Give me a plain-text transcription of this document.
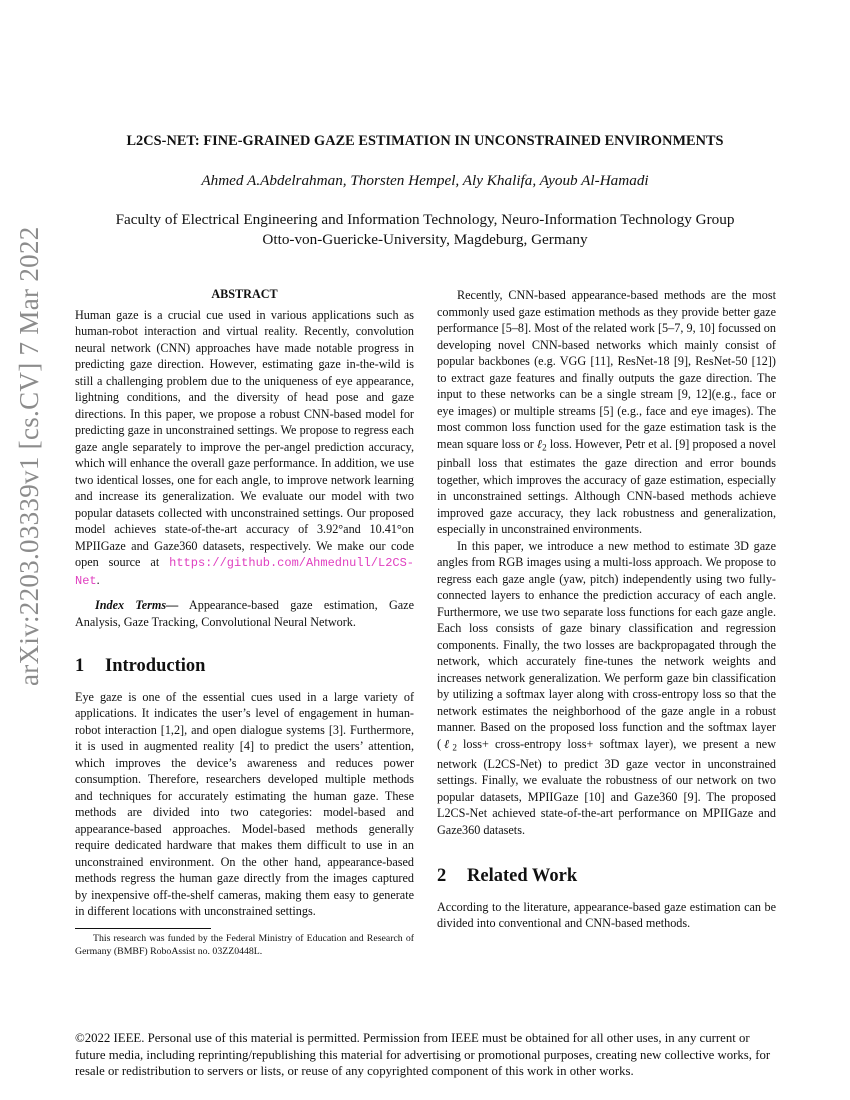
L2CS-NET: FINE-GRAINED GAZE ESTIMATION IN UNCONSTRAINED ENVIRONMENTS
Ahmed A.Abdelrahman, Thorsten Hempel, Aly Khalifa, Ayoub Al-Hamadi
Faculty of Electrical Engineering and Information Technology, Neuro-Information Technology Group
Otto-von-Guericke-University, Magdeburg, Germany
arXiv:2203.03339v1 [cs.CV] 7 Mar 2022	ABSTRACT

Human gaze is a crucial cue used in various applications such as human-robot interaction and virtual reality. Recently, convolution neural network (CNN) approaches have made notable progress in predicting gaze direction. However, estimating gaze in-the-wild is still a challenging problem due to the uniqueness of eye appearance, lightning conditions, and the diversity of head pose and gaze directions. In this paper, we propose a robust CNN-based model for predicting gaze in unconstrained settings. We propose to regress each gaze angle separately to improve the per-angel prediction accuracy, which will enhance the overall gaze performance. In addition, we use two identical losses, one for each angle, to improve network learning and increase its generalization. We evaluate our model with two popular datasets collected with unconstrained settings. Our proposed model achieves state-of-the-art accuracy of 3.92°and 10.41°on MPIIGaze and Gaze360 datasets, respectively. We make our code open source at https://github.com/Ahmednull/L2CS-Net.

Index Terms— Appearance-based gaze estimation, Gaze Analysis, Gaze Tracking, Convolutional Neural Network.

1 Introduction

Eye gaze is one of the essential cues used in a large variety of applications. It indicates the user’s level of engagement in human-robot interaction [1,2], and open dialogue systems [3]. Furthermore, it is used in augmented reality [4] to predict the users’ attention, which improves the device’s awareness and reduces power consumption. Therefore, researchers developed multiple methods and techniques for accurately estimating the human gaze. These methods are divided into two categories: model-based and appearance-based approaches. Model-based methods generally require dedicated hardware that makes them difficult to use in an unconstrained environment. On the other hand, appearance-based methods regress the human gaze directly from the images captured by inexpensive off-the-shelf cameras, making them easy to generate in different locations with unconstrained settings.

This research was funded by the Federal Ministry of Education and Research of Germany (BMBF) RoboAssist no. 03ZZ0448L.

Recently, CNN-based appearance-based methods are the most commonly used gaze estimation methods as they provide better gaze performance [5–8]. Most of the related work [5–7, 9, 10] focussed on developing novel CNN-based networks which mainly consist of popular backbones (e.g. VGG [11], ResNet-18 [9], ResNet-50 [12]) to extract gaze features and finally outputs the gaze direction. The input to these networks can be a single stream [9, 12](e.g., face or eye images) or multiple streams [5] (e.g., face and eye images). The most common loss function used for the gaze estimation task is the mean square loss or ℓ$_2$ loss. However, Petr et al. [9] proposed a novel pinball loss that estimates the gaze direction and error bounds together, which improves the accuracy of gaze estimation, especially in unconstrained settings. Although CNN-based methods achieve improved gaze accuracy, they lack robustness and generalization, especially in unconstrained environments.

In this paper, we introduce a new method to estimate 3D gaze angles from RGB images using a multi-loss approach. We propose to regress each gaze angle (yaw, pitch) independently using two fully-connected layers to enhance the prediction accuracy of each angle. Furthermore, we use two separate loss functions for each gaze angle. Each loss consists of gaze binary classification and regression components. Finally, the two losses are backpropagated through the network, which accurately fine-tunes the network weights and increases network generalization. We perform gaze bin classification by utilizing a softmax layer along with cross-entropy loss so that the network estimates the neighborhood of the gaze angle in a robust manner. Based on the proposed loss function and the softmax layer (ℓ$_2$ loss+ cross-entropy loss+ softmax layer), we present a new network (L2CS-Net) to predict 3D gaze vector in unconstrained settings. Finally, we evaluate the robustness of our network on two popular datasets, MPIIGaze [10] and Gaze360 [9]. The proposed L2CS-Net achieved state-of-the-art performance on MPIIGaze and Gaze360 datasets.

2 Related Work

According to the literature, appearance-based gaze estimation can be divided into conventional and CNN-based methods.

©2022 IEEE. Personal use of this material is permitted. Permission from IEEE must be obtained for all other uses, in any current or future media, including reprinting/republishing this material for advertising or promotional purposes, creating new collective works, for resale or redistribution to servers or lists, or reuse of any copyrighted component of this work in other works.
